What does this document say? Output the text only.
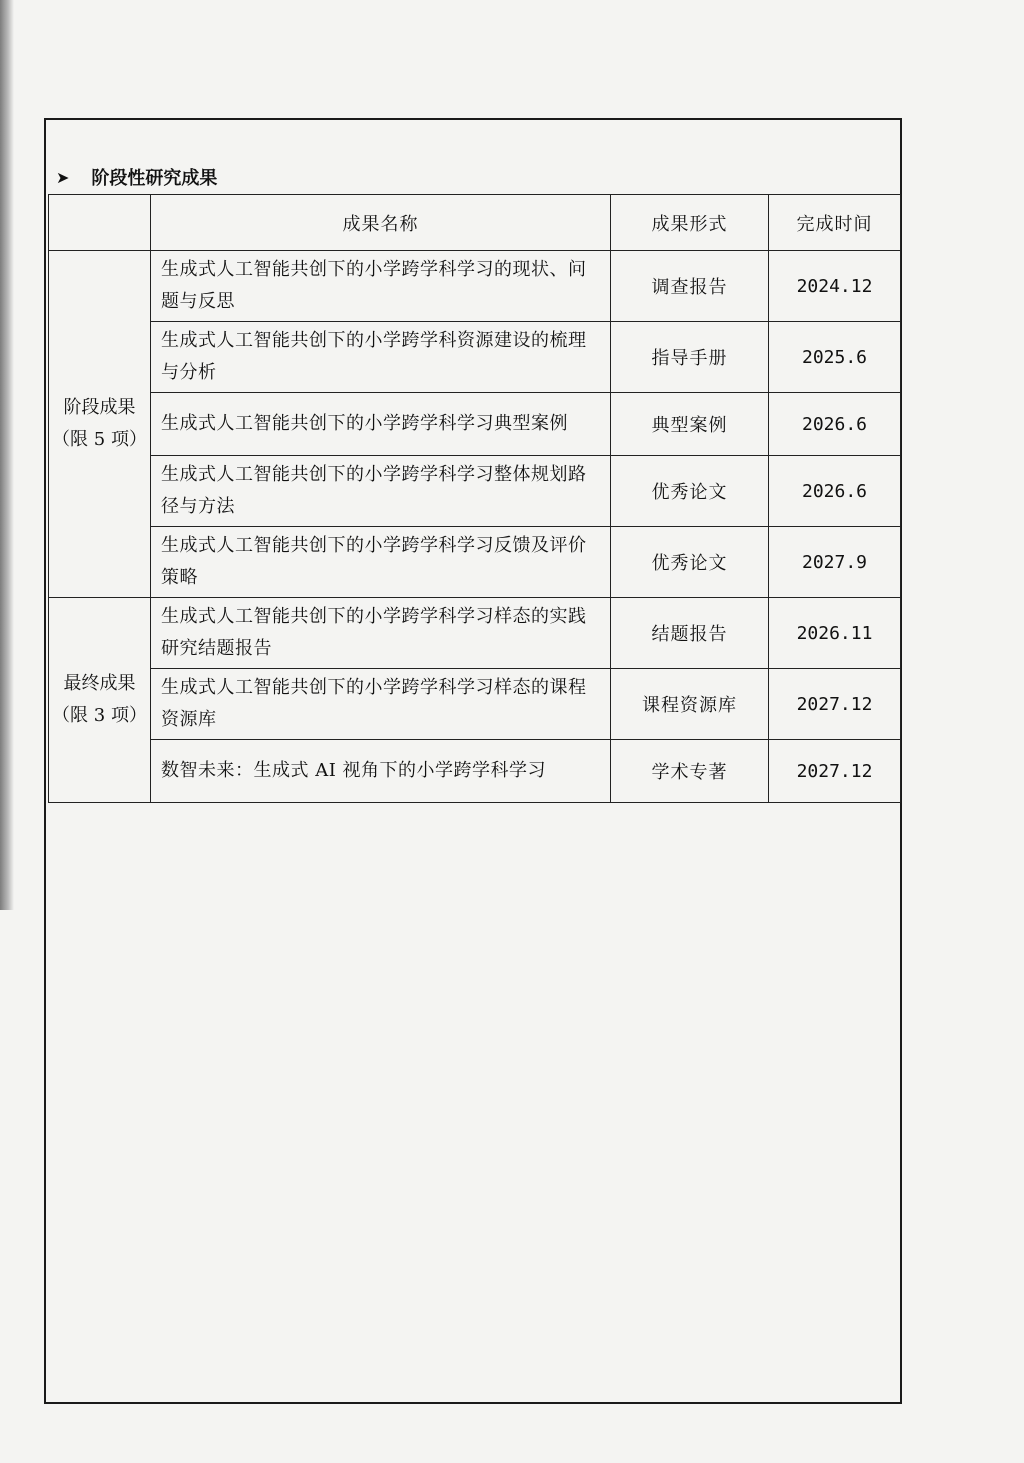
➤ 阶段性研究成果
	成果名称	成果形式	完成时间

阶段成果
（限 5 项）	生成式人工智能共创下的小学跨学科学习的现状、问题与反思	调查报告	2024.12
	生成式人工智能共创下的小学跨学科资源建设的梳理与分析	指导手册	2025.6
	生成式人工智能共创下的小学跨学科学习典型案例	典型案例	2026.6
	生成式人工智能共创下的小学跨学科学习整体规划路径与方法	优秀论文	2026.6
	生成式人工智能共创下的小学跨学科学习反馈及评价策略	优秀论文	2027.9

最终成果
（限 3 项）	生成式人工智能共创下的小学跨学科学习样态的实践研究结题报告	结题报告	2026.11
	生成式人工智能共创下的小学跨学科学习样态的课程资源库	课程资源库	2027.12
	数智未来：生成式 AI 视角下的小学跨学科学习	学术专著	2027.12
